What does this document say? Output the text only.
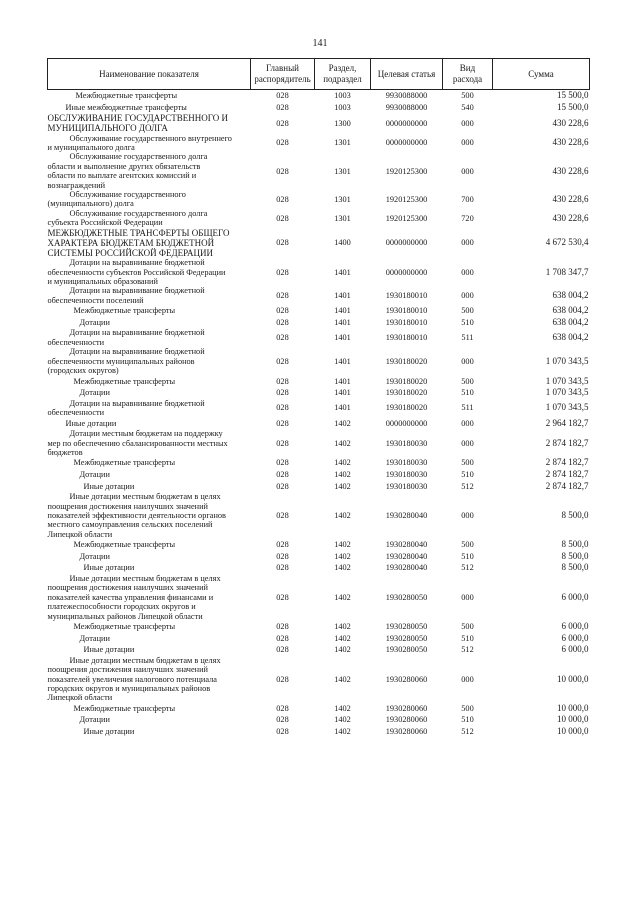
141
Наименование показателя	Главный распорядитель	Раздел, подраздел	Целевая статья	Вид расхода	Сумма

Межбюджетные трансферты	028	1003	9930088000	500	15 500,0

Иные межбюджетные трансферты	028	1003	9930088000	540	15 500,0

ОБСЛУЖИВАНИЕ ГОСУДАРСТВЕННОГО И
МУНИЦИПАЛЬНОГО ДОЛГА	028	1300	0000000000	000	430 228,6

Обслуживание государственного внутреннего
и муниципального долга	028	1301	0000000000	000	430 228,6

Обслуживание государственного долга
области и выполнение других обязательств
области по выплате агентских комиссий и
вознаграждений	028	1301	1920125300	000	430 228,6

Обслуживание государственного
(муниципального) долга	028	1301	1920125300	700	430 228,6

Обслуживание государственного долга
субъекта Российской Федерации	028	1301	1920125300	720	430 228,6

МЕЖБЮДЖЕТНЫЕ ТРАНСФЕРТЫ ОБЩЕГО
ХАРАКТЕРА БЮДЖЕТАМ БЮДЖЕТНОЙ
СИСТЕМЫ РОССИЙСКОЙ ФЕДЕРАЦИИ	028	1400	0000000000	000	4 672 530,4

Дотации на выравнивание бюджетной
обеспеченности субъектов Российской Федерации
и муниципальных образований	028	1401	0000000000	000	1 708 347,7

Дотации на выравнивание бюджетной
обеспеченности поселений	028	1401	1930180010	000	638 004,2

Межбюджетные трансферты	028	1401	1930180010	500	638 004,2

Дотации	028	1401	1930180010	510	638 004,2

Дотации на выравнивание бюджетной
обеспеченности	028	1401	1930180010	511	638 004,2

Дотации на выравнивание бюджетной
обеспеченности муниципальных районов
(городских округов)	028	1401	1930180020	000	1 070 343,5

Межбюджетные трансферты	028	1401	1930180020	500	1 070 343,5

Дотации	028	1401	1930180020	510	1 070 343,5

Дотации на выравнивание бюджетной
обеспеченности	028	1401	1930180020	511	1 070 343,5

Иные дотации	028	1402	0000000000	000	2 964 182,7

Дотации местным бюджетам на поддержку
мер по обеспечению сбалансированности местных
бюджетов	028	1402	1930180030	000	2 874 182,7

Межбюджетные трансферты	028	1402	1930180030	500	2 874 182,7

Дотации	028	1402	1930180030	510	2 874 182,7

Иные дотации	028	1402	1930180030	512	2 874 182,7

Иные дотации местным бюджетам в целях
поощрения достижения наилучших значений
показателей эффективности деятельности органов
местного самоуправления сельских поселений
Липецкой области	028	1402	1930280040	000	8 500,0

Межбюджетные трансферты	028	1402	1930280040	500	8 500,0

Дотации	028	1402	1930280040	510	8 500,0

Иные дотации	028	1402	1930280040	512	8 500,0

Иные дотации местным бюджетам в целях
поощрения достижения наилучших значений
показателей качества управления финансами и
платежеспособности городских округов и
муниципальных районов Липецкой области	028	1402	1930280050	000	6 000,0

Межбюджетные трансферты	028	1402	1930280050	500	6 000,0

Дотации	028	1402	1930280050	510	6 000,0

Иные дотации	028	1402	1930280050	512	6 000,0

Иные дотации местным бюджетам в целях
поощрения достижения наилучших значений
показателей увеличения налогового потенциала
городских округов и муниципальных районов
Липецкой области	028	1402	1930280060	000	10 000,0

Межбюджетные трансферты	028	1402	1930280060	500	10 000,0

Дотации	028	1402	1930280060	510	10 000,0

Иные дотации	028	1402	1930280060	512	10 000,0
